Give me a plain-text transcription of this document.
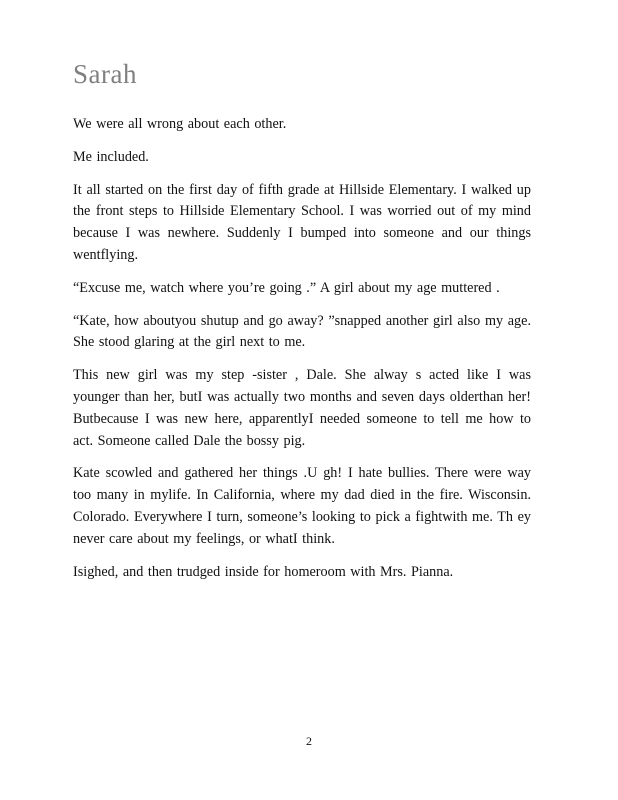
Sarah

We were all wrong about each other.

Me included.

It all started on the first day of fifth grade at Hillside Elementary. I walked up the front steps to Hillside Elementary School. I was worried out of my mind because I was newhere. Suddenly I bumped into someone and our things wentflying.

“Excuse me, watch where you’re going .” A girl about my age muttered .

“Kate, how aboutyou shutup and go away? ”snapped another girl also my age. She stood glaring at the girl next to me.

This new girl was my step -sister , Dale. She alway s acted like I was younger than her, butI was actually two months and seven days olderthan her! Butbecause I was new here, apparentlyI needed someone to tell me how to act. Someone called Dale the bossy pig.

Kate scowled and gathered her things .U gh! I hate bullies. There were way too many in mylife. In California, where my dad died in the fire. Wisconsin. Colorado. Everywhere I turn, someone’s looking to pick a fightwith me. Th ey never care about my feelings, or whatI think.

Isighed, and then trudged inside for homeroom with Mrs. Pianna.

2
